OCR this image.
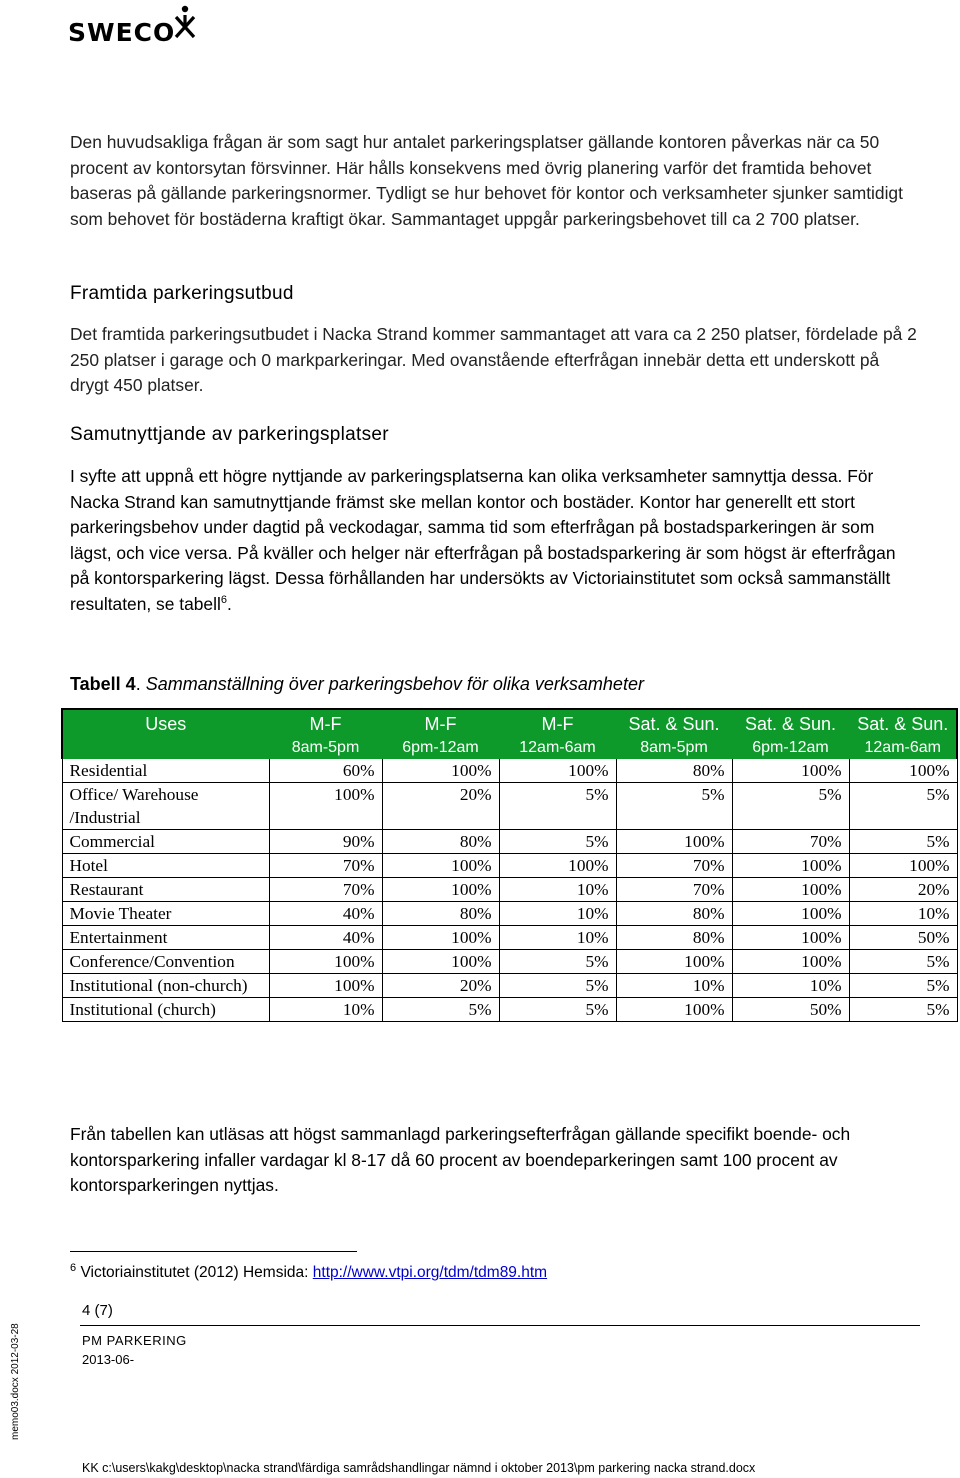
SWECO

Den huvudsakliga frågan är som sagt hur antalet parkeringsplatser gällande kontoren påverkas när ca 50 procent av kontorsytan försvinner. Här hålls konsekvens med övrig planering varför det framtida behovet baseras på gällande parkeringsnormer. Tydligt se hur behovet för kontor och verksamheter sjunker samtidigt som behovet för bostäderna kraftigt ökar. Sammantaget uppgår parkeringsbehovet till ca 2 700 platser.

Framtida parkeringsutbud

Det framtida parkeringsutbudet i Nacka Strand kommer sammantaget att vara ca 2 250 platser, fördelade på 2 250 platser i garage och 0 markparkeringar. Med ovanstående efterfrågan innebär detta ett underskott på drygt 450 platser.

Samutnyttjande av parkeringsplatser

I syfte att uppnå ett högre nyttjande av parkeringsplatserna kan olika verksamheter samnyttja dessa. För Nacka Strand kan samutnyttjande främst ske mellan kontor och bostäder. Kontor har generellt ett stort parkeringsbehov under dagtid på veckodagar, samma tid som efterfrågan på bostadsparkeringen är som lägst, och vice versa. På kväller och helger när efterfrågan på bostadsparkering är som högst är efterfrågan på kontorsparkering lägst. Dessa förhållanden har undersökts av Victoriainstitutet som också sammanställt resultaten, se tabell$^6$.

Tabell 4. Sammanställning över parkeringsbehov för olika verksamheter

Uses	M-F	M-F	M-F	Sat. & Sun.	Sat. & Sun.	Sat. & Sun.
	8am-5pm	6pm-12am	12am-6am	8am-5pm	6pm-12am	12am-6am
Residential	60%	100%	100%	80%	100%	100%
Office/ Warehouse /Industrial	100%	20%	5%	5%	5%	5%
Commercial	90%	80%	5%	100%	70%	5%
Hotel	70%	100%	100%	70%	100%	100%
Restaurant	70%	100%	10%	70%	100%	20%
Movie Theater	40%	80%	10%	80%	100%	10%
Entertainment	40%	100%	10%	80%	100%	50%
Conference/Convention	100%	100%	5%	100%	100%	5%
Institutional (non-church)	100%	20%	5%	10%	10%	5%
Institutional (church)	10%	5%	5%	100%	50%	5%

Från tabellen kan utläsas att högst sammanlagd parkeringsefterfrågan gällande specifikt boende- och kontorsparkering infaller vardagar kl 8-17 då 60 procent av boendeparkeringen samt 100 procent av kontorsparkeringen nyttjas.

$^6$ Victoriainstitutet (2012) Hemsida: http://www.vtpi.org/tdm/tdm89.htm
4 (7)
PM PARKERING
2013-06-
memo03.docx 2012-03-28
KK c:\users\kakg\desktop\nacka strand\färdiga samrådshandlingar nämnd i oktober 2013\pm parkering nacka strand.docx
